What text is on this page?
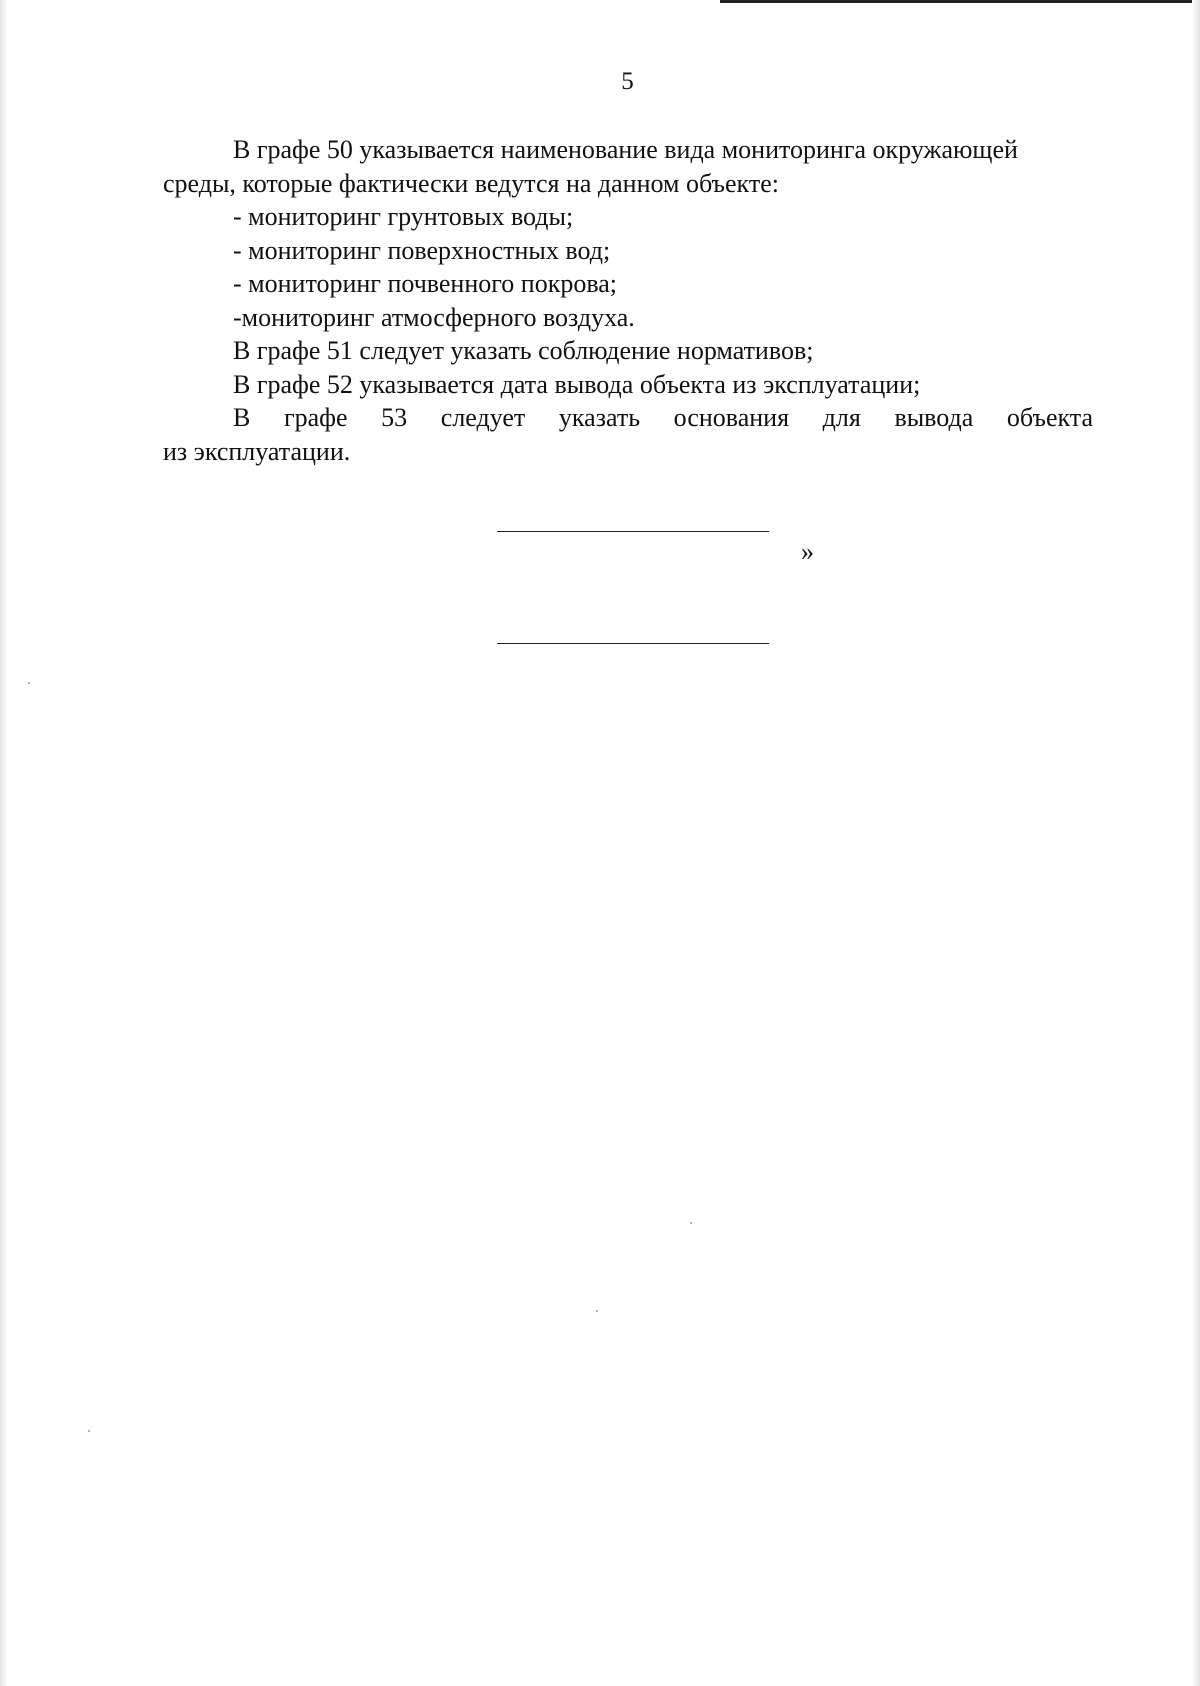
5

В графе 50 указывается наименование вида мониторинга окружающей

среды, которые фактически ведутся на данном объекте:

- мониторинг грунтовых воды;

- мониторинг поверхностных вод;

- мониторинг почвенного покрова;

-мониторинг атмосферного воздуха.

В графе 51 следует указать соблюдение нормативов;

В графе 52 указывается дата вывода объекта из эксплуатации;

В графе 53 следует указать основания для вывода объекта

из эксплуатации.

»
